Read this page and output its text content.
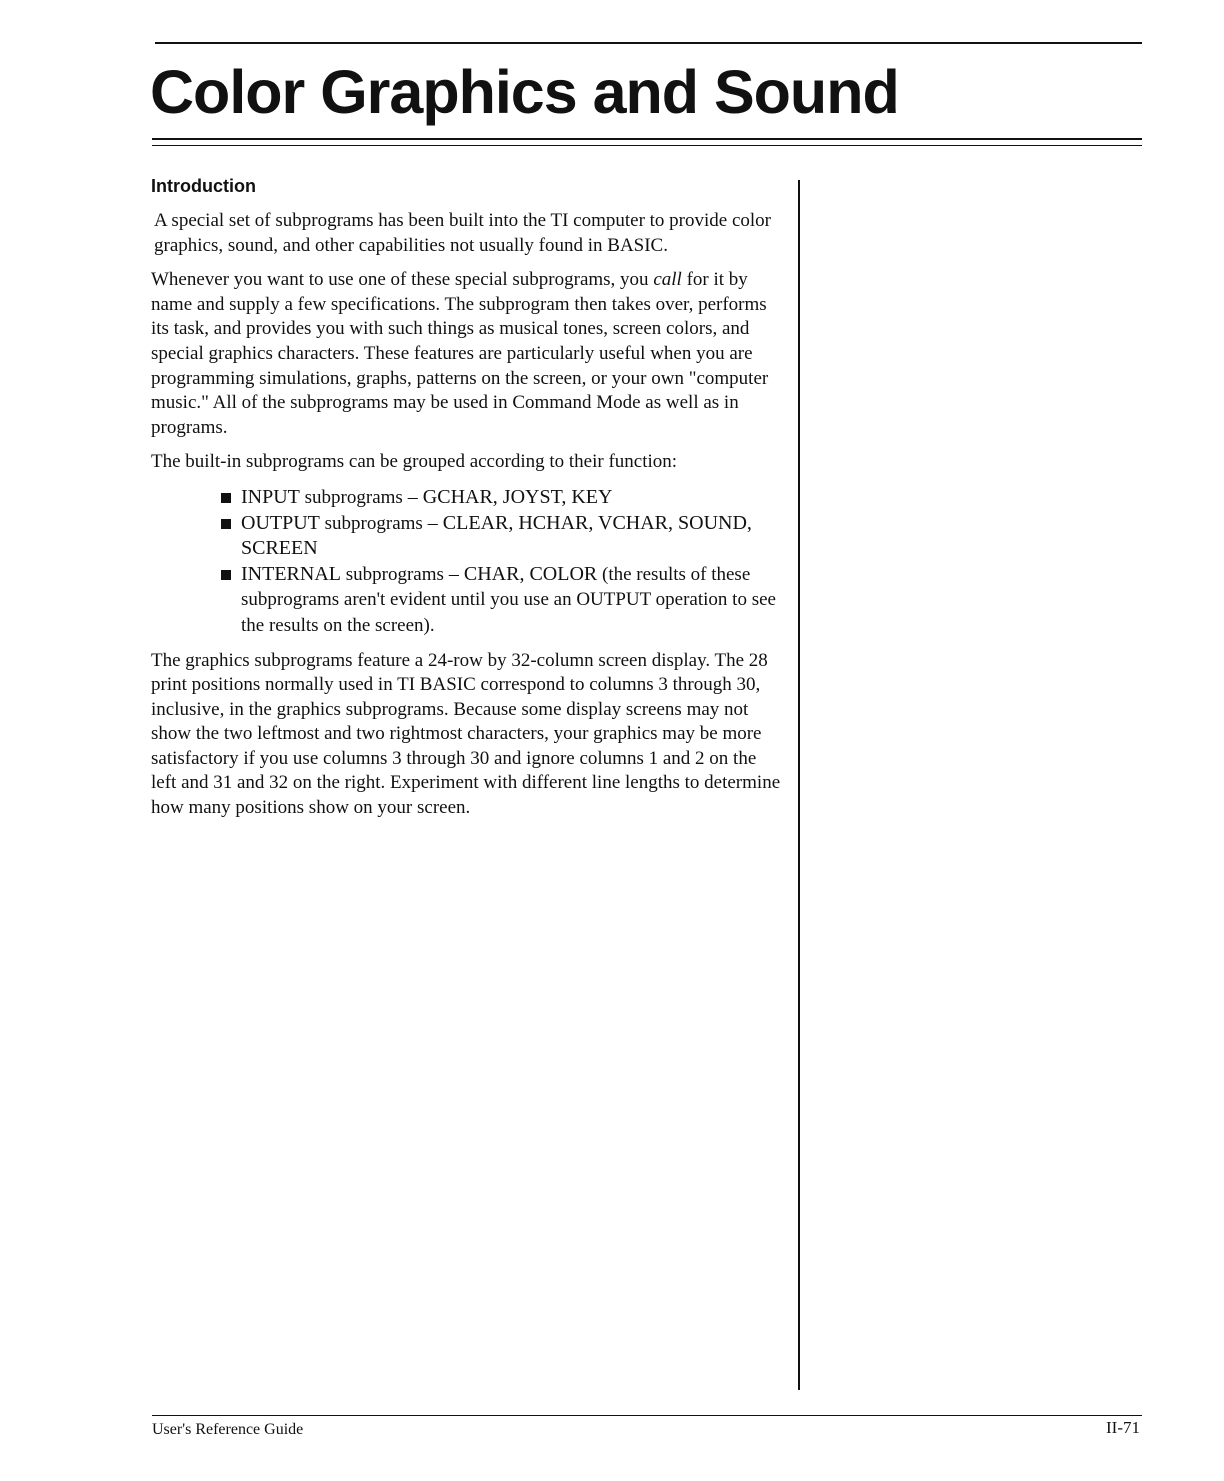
Color Graphics and Sound
Introduction

A special set of subprograms has been built into the TI computer to provide color graphics, sound, and other capabilities not usually found in BASIC.

Whenever you want to use one of these special subprograms, you call for it by name and supply a few specifications. The subprogram then takes over, performs its task, and provides you with such things as musical tones, screen colors, and special graphics characters. These features are particularly useful when you are programming simulations, graphs, patterns on the screen, or your own "computer music." All of the subprograms may be used in Command Mode as well as in programs.

The built-in subprograms can be grouped according to their function:

INPUT subprograms – GCHAR, JOYST, KEY
OUTPUT subprograms – CLEAR, HCHAR, VCHAR, SOUND, SCREEN
INTERNAL subprograms – CHAR, COLOR (the results of these subprograms aren't evident until you use an OUTPUT operation to see the results on the screen).

The graphics subprograms feature a 24-row by 32-column screen display. The 28 print positions normally used in TI BASIC correspond to columns 3 through 30, inclusive, in the graphics subprograms. Because some display screens may not show the two leftmost and two rightmost characters, your graphics may be more satisfactory if you use columns 3 through 30 and ignore columns 1 and 2 on the left and 31 and 32 on the right. Experiment with different line lengths to determine how many positions show on your screen.

User's Reference Guide	II-71
